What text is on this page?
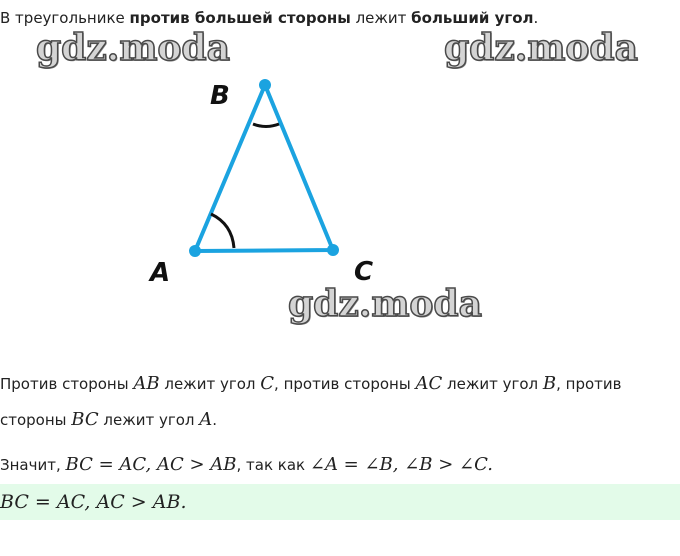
В треугольнике против большей стороны лежит больший угол.
gdz.moda	gdz.moda
B
A	C
gdz.moda
Против стороны AB лежит угол C, против стороны AC лежит угол B, против
стороны BC лежит угол A.
Значит, BC = AC, AC > AB, так как ∠A = ∠B, ∠B > ∠C.
BC = AC, AC > AB.
